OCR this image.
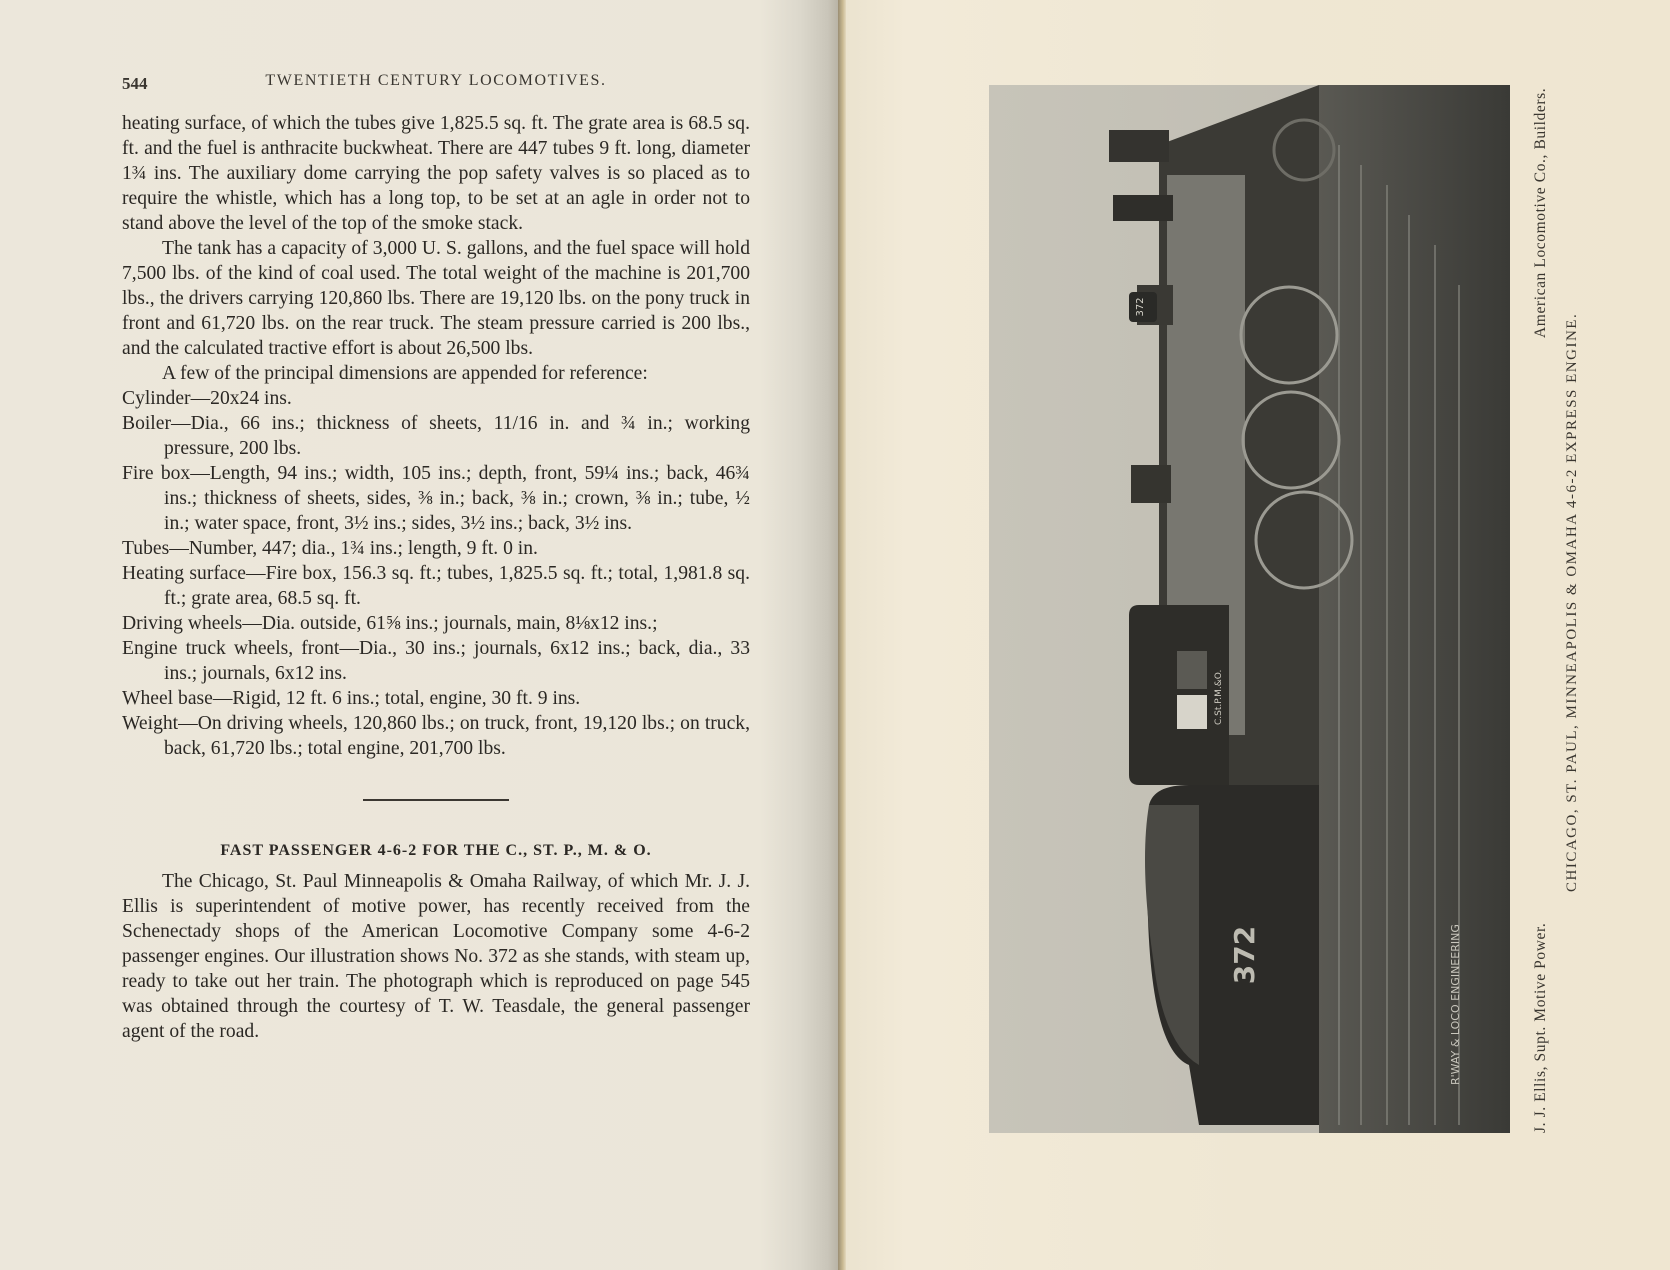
544	TWENTIETH CENTURY LOCOMOTIVES.

heating surface, of which the tubes give 1,825.5 sq. ft. The grate area is 68.5 sq. ft. and the fuel is anthracite buckwheat. There are 447 tubes 9 ft. long, diameter 1¾ ins. The auxiliary dome carrying the pop safety valves is so placed as to require the whistle, which has a long top, to be set at an agle in order not to stand above the level of the top of the smoke stack.

The tank has a capacity of 3,000 U. S. gallons, and the fuel space will hold 7,500 lbs. of the kind of coal used. The total weight of the machine is 201,700 lbs., the drivers carrying 120,860 lbs. There are 19,120 lbs. on the pony truck in front and 61,720 lbs. on the rear truck. The steam pressure carried is 200 lbs., and the calculated tractive effort is about 26,500 lbs.

A few of the principal dimensions are appended for reference:

Cylinder—20x24 ins.

Boiler—Dia., 66 ins.; thickness of sheets, 11/16 in. and ¾ in.; working pressure, 200 lbs.

Fire box—Length, 94 ins.; width, 105 ins.; depth, front, 59¼ ins.; back, 46¾ ins.; thickness of sheets, sides, ⅜ in.; back, ⅜ in.; crown, ⅜ in.; tube, ½ in.; water space, front, 3½ ins.; sides, 3½ ins.; back, 3½ ins.

Tubes—Number, 447; dia., 1¾ ins.; length, 9 ft. 0 in.

Heating surface—Fire box, 156.3 sq. ft.; tubes, 1,825.5 sq. ft.; total, 1,981.8 sq. ft.; grate area, 68.5 sq. ft.

Driving wheels—Dia. outside, 61⅝ ins.; journals, main, 8⅛x12 ins.;

Engine truck wheels, front—Dia., 30 ins.; journals, 6x12 ins.; back, dia., 33 ins.; journals, 6x12 ins.

Wheel base—Rigid, 12 ft. 6 ins.; total, engine, 30 ft. 9 ins.

Weight—On driving wheels, 120,860 lbs.; on truck, front, 19,120 lbs.; on truck, back, 61,720 lbs.; total engine, 201,700 lbs.

FAST PASSENGER 4-6-2 FOR THE C., ST. P., M. & O.

The Chicago, St. Paul Minneapolis & Omaha Railway, of which Mr. J. J. Ellis is superintendent of motive power, has recently received from the Schenectady shops of the American Locomotive Company some 4-6-2 passenger engines. Our illustration shows No. 372 as she stands, with steam up, ready to take out her train. The photograph which is reproduced on page 545 was obtained through the courtesy of T. W. Teasdale, the general passenger agent of the road.

372
C.St.P.M.&O.
372	R'WAY & LOCO ENGINEERING
American Locomotive Co., Builders.
J. J. Ellis, Supt. Motive Power.
CHICAGO, ST. PAUL, MINNEAPOLIS & OMAHA 4-6-2 EXPRESS ENGINE.
